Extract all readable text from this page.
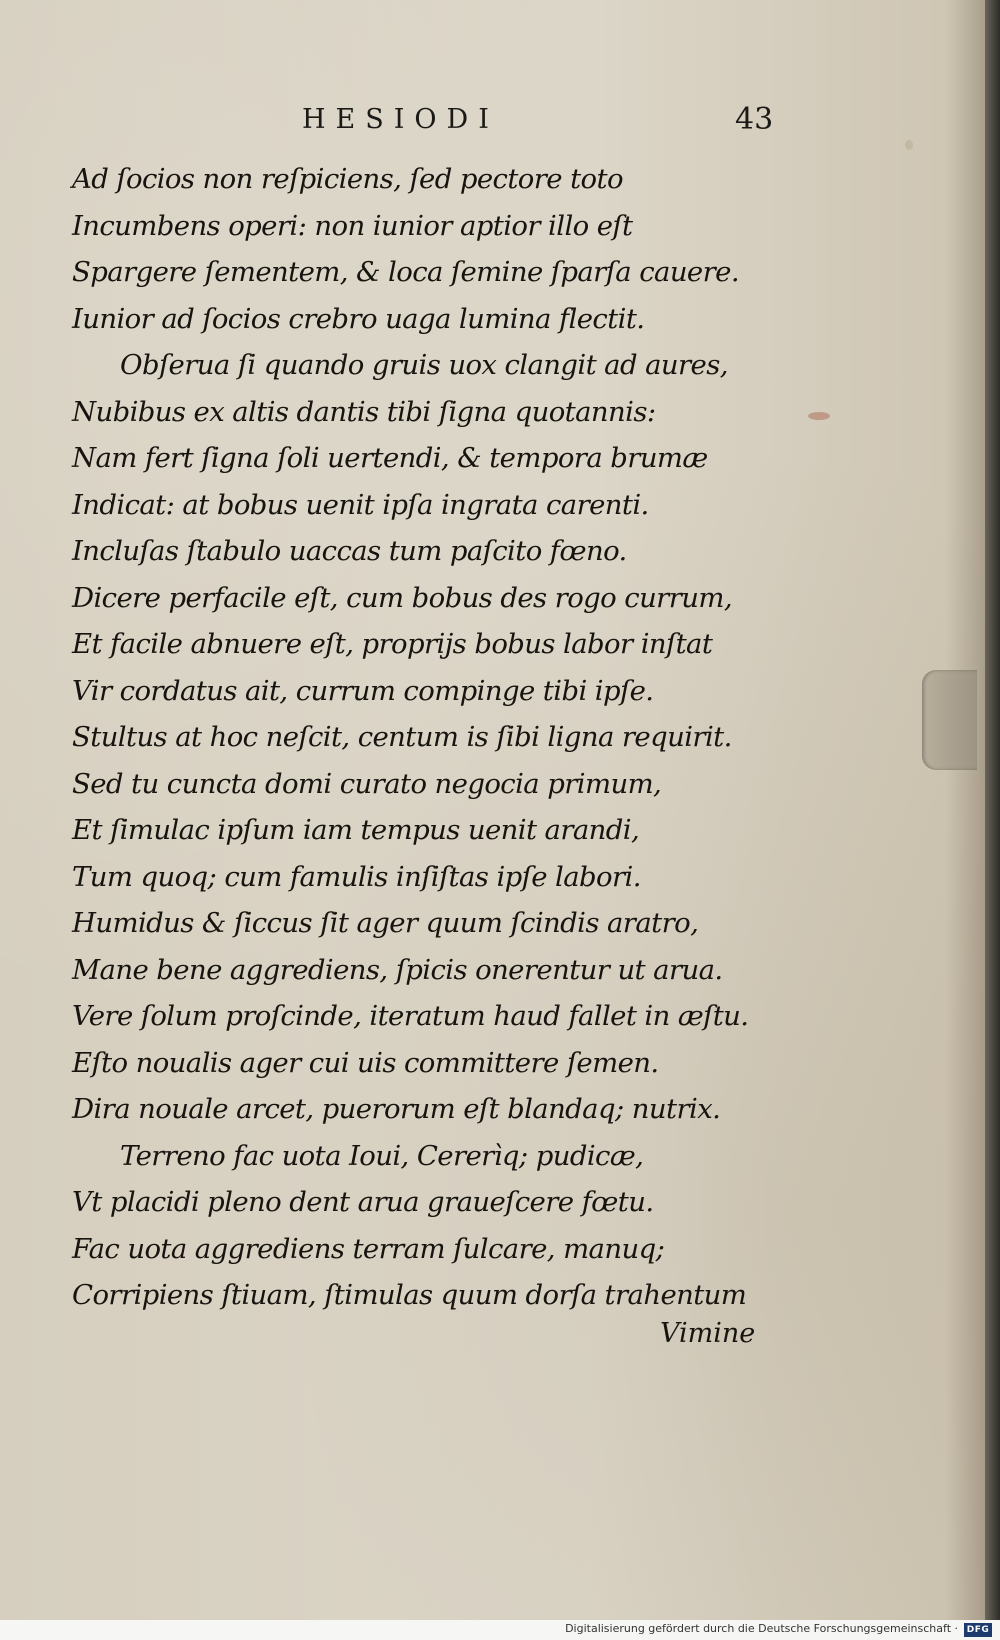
HESIODI	43
Ad ſocios non reſpiciens, ſed pectore toto
Incumbens operi: non iunior aptior illo eſt
Spargere ſementem, & loca ſemine ſparſa cauere.
Iunior ad ſocios crebro uaga lumina flectit.
Obſerua ſi quando gruis uox clangit ad aures,
Nubibus ex altis dantis tibi ſigna quotannis:
Nam fert ſigna ſoli uertendi, & tempora brumæ
Indicat: at bobus uenit ipſa ingrata carenti.
Incluſas ſtabulo uaccas tum paſcito fœno.
Dicere perfacile eſt, cum bobus des rogo currum,
Et facile abnuere eſt, proprijs bobus labor inſtat
Vir cordatus ait, currum compinge tibi ipſe.
Stultus at hoc neſcit, centum is ſibi ligna requirit.
Sed tu cuncta domi curato negocia primum,
Et ſimulac ipſum iam tempus uenit arandi,
Tum quoq; cum famulis inſiſtas ipſe labori.
Humidus & ſiccus ſit ager quum ſcindis aratro,
Mane bene aggrediens, ſpicis onerentur ut arua.
Vere ſolum proſcinde, iteratum haud fallet in æſtu.
Eſto noualis ager cui uis committere ſemen.
Dira nouale arcet, puerorum eſt blandaq; nutrix.
Terreno fac uota Ioui, Cererìq; pudicæ,
Vt placidi pleno dent arua graueſcere fœtu.
Fac uota aggrediens terram ſulcare, manuq;
Corripiens ſtiuam, ſtimulas quum dorſa trahentum
Vimine
Digitalisierung gefördert durch die Deutsche Forschungsgemeinschaft · DFG
